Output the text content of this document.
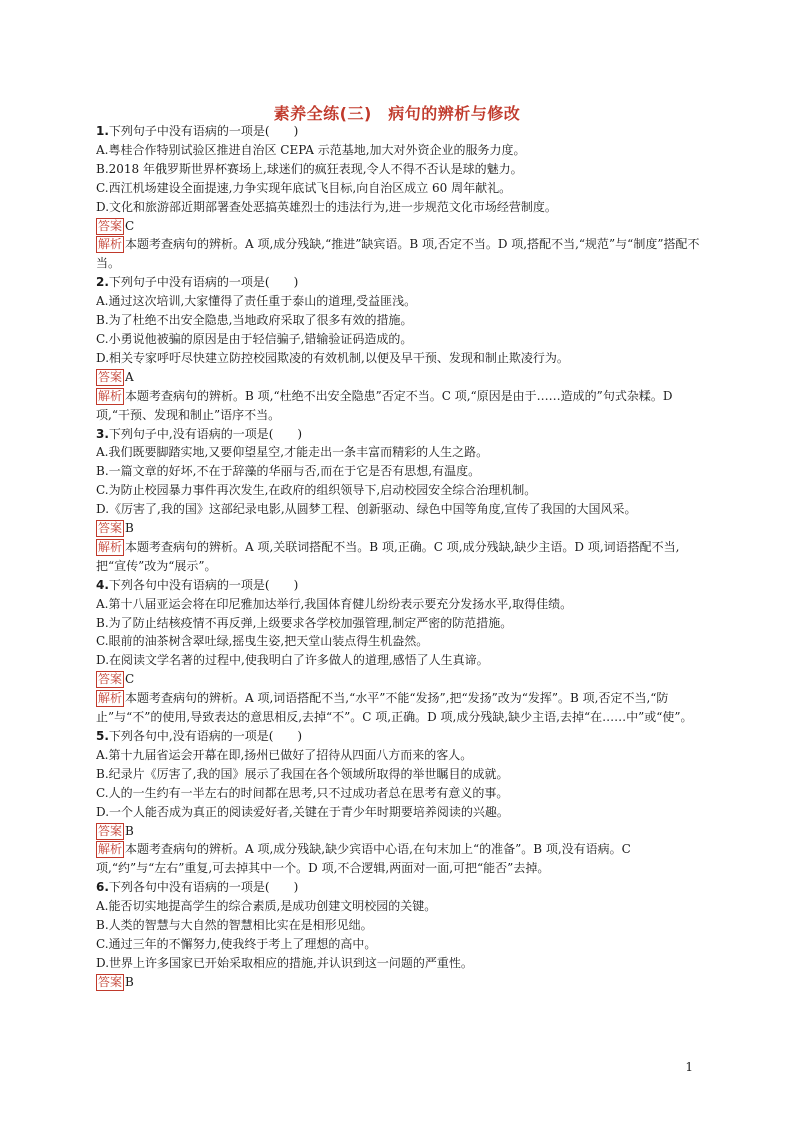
素养全练(三)　病句的辨析与修改
1.下列句子中没有语病的一项是(　　)
A.粤桂合作特别试验区推进自治区 CEPA 示范基地,加大对外资企业的服务力度。
B.2018 年俄罗斯世界杯赛场上,球迷们的疯狂表现,令人不得不否认是球的魅力。
C.西江机场建设全面提速,力争实现年底试飞目标,向自治区成立 60 周年献礼。
D.文化和旅游部近期部署查处恶搞英雄烈士的违法行为,进一步规范文化市场经营制度。
答案 C
解析 本题考查病句的辨析。A 项,成分残缺,“推进”缺宾语。B 项,否定不当。D 项,搭配不当,“规范”与“制度”搭配不当。
2.下列句子中没有语病的一项是(　　)
A.通过这次培训,大家懂得了责任重于泰山的道理,受益匪浅。
B.为了杜绝不出安全隐患,当地政府采取了很多有效的措施。
C.小勇说他被骗的原因是由于轻信骗子,错输验证码造成的。
D.相关专家呼吁尽快建立防控校园欺凌的有效机制,以便及早干预、发现和制止欺凌行为。
答案 A
解析 本题考查病句的辨析。B 项,“杜绝不出安全隐患”否定不当。C 项,“原因是由于……造成的”句式杂糅。D 项,“干预、发现和制止”语序不当。
3.下列句子中,没有语病的一项是(　　)
A.我们既要脚踏实地,又要仰望星空,才能走出一条丰富而精彩的人生之路。
B.一篇文章的好坏,不在于辞藻的华丽与否,而在于它是否有思想,有温度。
C.为防止校园暴力事件再次发生,在政府的组织领导下,启动校园安全综合治理机制。
D.《厉害了,我的国》这部纪录电影,从圆梦工程、创新驱动、绿色中国等角度,宣传了我国的大国风采。
答案 B
解析 本题考查病句的辨析。A 项,关联词搭配不当。B 项,正确。C 项,成分残缺,缺少主语。D 项,词语搭配不当,把“宣传”改为“展示”。
4.下列各句中没有语病的一项是(　　)
A.第十八届亚运会将在印尼雅加达举行,我国体育健儿纷纷表示要充分发扬水平,取得佳绩。
B.为了防止结核疫情不再反弹,上级要求各学校加强管理,制定严密的防范措施。
C.眼前的油茶树含翠吐绿,摇曳生姿,把天堂山装点得生机盎然。
D.在阅读文学名著的过程中,使我明白了许多做人的道理,感悟了人生真谛。
答案 C
解析 本题考查病句的辨析。A 项,词语搭配不当,“水平”不能“发扬”,把“发扬”改为“发挥”。B 项,否定不当,“防止”与“不”的使用,导致表达的意思相反,去掉“不”。C 项,正确。D 项,成分残缺,缺少主语,去掉“在……中”或“使”。
5.下列各句中,没有语病的一项是(　　)
A.第十九届省运会开幕在即,扬州已做好了招待从四面八方而来的客人。
B.纪录片《厉害了,我的国》展示了我国在各个领域所取得的举世瞩目的成就。
C.人的一生约有一半左右的时间都在思考,只不过成功者总在思考有意义的事。
D.一个人能否成为真正的阅读爱好者,关键在于青少年时期要培养阅读的兴趣。
答案 B
解析 本题考查病句的辨析。A 项,成分残缺,缺少宾语中心语,在句末加上“的准备”。B 项,没有语病。C 项,“约”与“左右”重复,可去掉其中一个。D 项,不合逻辑,两面对一面,可把“能否”去掉。
6.下列各句中没有语病的一项是(　　)
A.能否切实地提高学生的综合素质,是成功创建文明校园的关键。
B.人类的智慧与大自然的智慧相比实在是相形见绌。
C.通过三年的不懈努力,使我终于考上了理想的高中。
D.世界上许多国家已开始采取相应的措施,并认识到这一问题的严重性。
答案 B
1
